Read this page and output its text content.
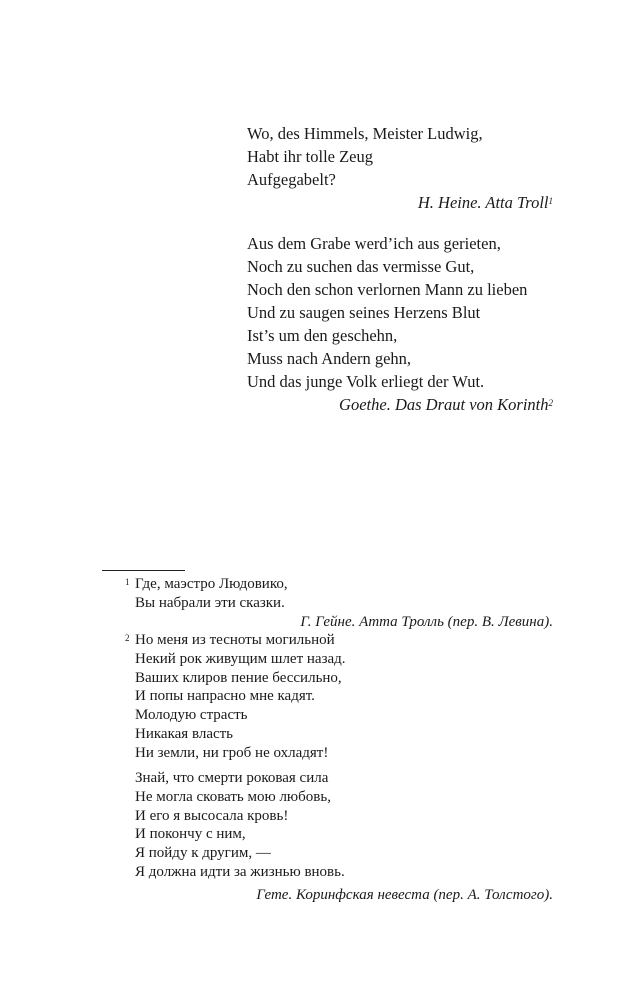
Wo, des Himmels, Meister Ludwig,
Habt ihr tolle Zeug
Aufgegabelt?
H. Heine. Atta Troll$^1$
Aus dem Grabe werd’ich aus gerieten,
Noch zu suchen das vermisse Gut,
Noch den schon verlornen Mann zu lieben
Und zu saugen seines Herzens Blut
Ist’s um den geschehn,
Muss nach Andern gehn,
Und das junge Volk erliegt der Wut.
Goethe. Das Draut von Korinth$^2$
1 Где, маэстро Людовико,
Вы набрали эти сказки.
Г. Гейне. Атта Тролль (пер. В. Левина).
2 Но меня из тесноты могильной
Некий рок живущим шлет назад.
Ваших клиров пение бессильно,
И попы напрасно мне кадят.
Молодую страсть
Никакая власть
Ни земли, ни гроб не охладят!
Знай, что смерти роковая сила
Не могла сковать мою любовь,
И его я высосала кровь!
И покончу с ним,
Я пойду к другим, —
Я должна идти за жизнью вновь.
Гете. Коринфская невеста (пер. А. Толстого).
